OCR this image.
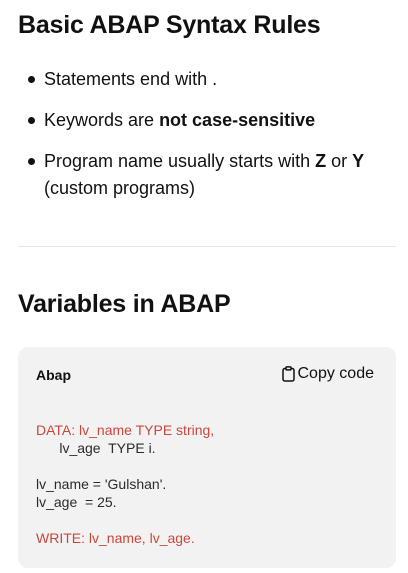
Basic ABAP Syntax Rules
Statements end with .
Keywords are not case-sensitive
Program name usually starts with Z or Y
(custom programs)
Variables in ABAP
Abap	Copy code
DATA: lv_name TYPE string,
lv_age  TYPE i.
lv_name = 'Gulshan'.
lv_age  = 25.
WRITE: lv_name, lv_age.
